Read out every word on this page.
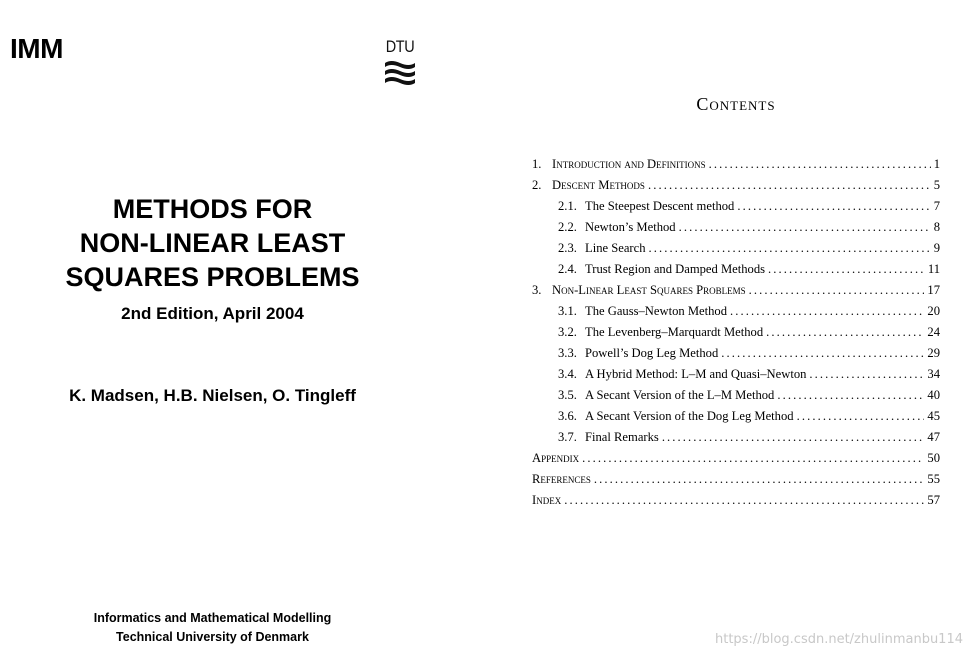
IMM	DTU
METHODS FOR
NON-LINEAR LEAST
SQUARES PROBLEMS
2nd Edition, April 2004
K. Madsen, H.B. Nielsen, O. Tingleff
Informatics and Mathematical Modelling
Technical University of Denmark
Contents
1. Introduction and Definitions .....	1
2. Descent Methods .....	5
2.1. The Steepest Descent method .....	7
2.2. Newton’s Method .....	8
2.3. Line Search .....	9
2.4. Trust Region and Damped Methods .....	11
3. Non-Linear Least Squares Problems .....	17
3.1. The Gauss–Newton Method .....	20
3.2. The Levenberg–Marquardt Method .....	24
3.3. Powell’s Dog Leg Method .....	29
3.4. A Hybrid Method: L–M and Quasi–Newton .....	34
3.5. A Secant Version of the L–M Method .....	40
3.6. A Secant Version of the Dog Leg Method .....	45
3.7. Final Remarks .....	47
Appendix .....	50
References .....	55
Index .....	57
https://blog.csdn.net/zhulinmanbu114
